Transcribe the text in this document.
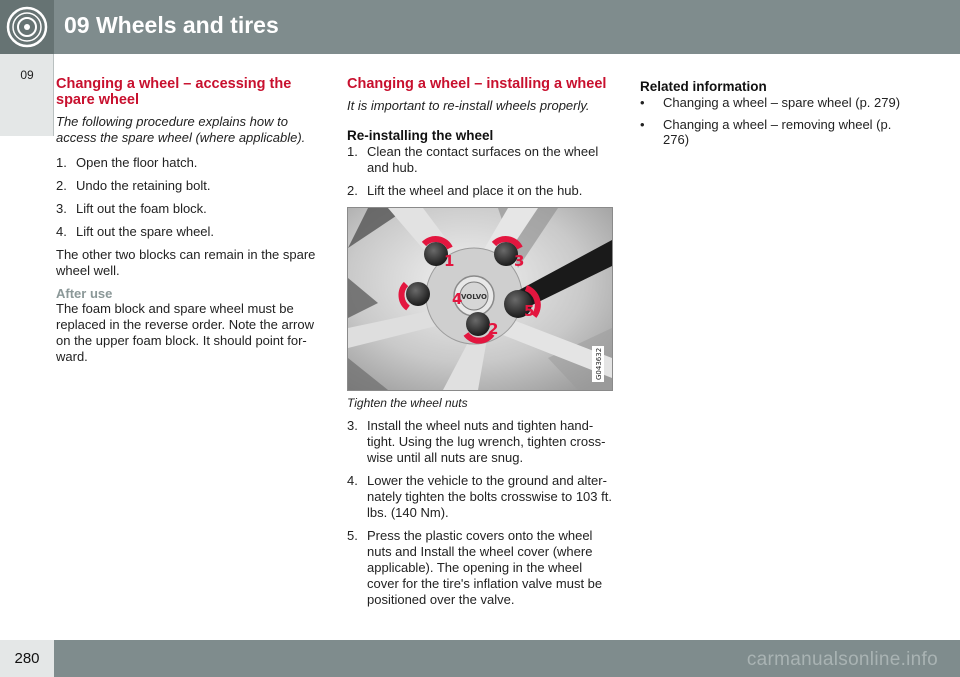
09 Wheels and tires
09
Changing a wheel – accessing the spare wheel

The following procedure explains how to access the spare wheel (where applicable).

1. Open the floor hatch.
2. Undo the retaining bolt.
3. Lift out the foam block.
4. Lift out the spare wheel.

The other two blocks can remain in the spare wheel well.

After use

The foam block and spare wheel must be replaced in the reverse order. Note the arrow on the upper foam block. It should point for-ward.

Changing a wheel – installing a wheel

It is important to re-install wheels properly.

Re-installing the wheel
1. Clean the contact surfaces on the wheel and hub.
2. Lift the wheel and place it on the hub.
VOLVO
1
2
3
4
5
G043632
Tighten the wheel nuts
3. Install the wheel nuts and tighten hand-tight. Using the lug wrench, tighten cross-wise until all nuts are snug.
4. Lower the vehicle to the ground and alter-nately tighten the bolts crosswise to 103 ft. lbs. (140 Nm).
5. Press the plastic covers onto the wheel nuts and Install the wheel cover (where applicable). The opening in the wheel cover for the tire's inflation valve must be positioned over the valve.
Related information
•	Changing a wheel – spare wheel (p. 279)
•	Changing a wheel – removing wheel (p. 276)
280	carmanualsonline.info
